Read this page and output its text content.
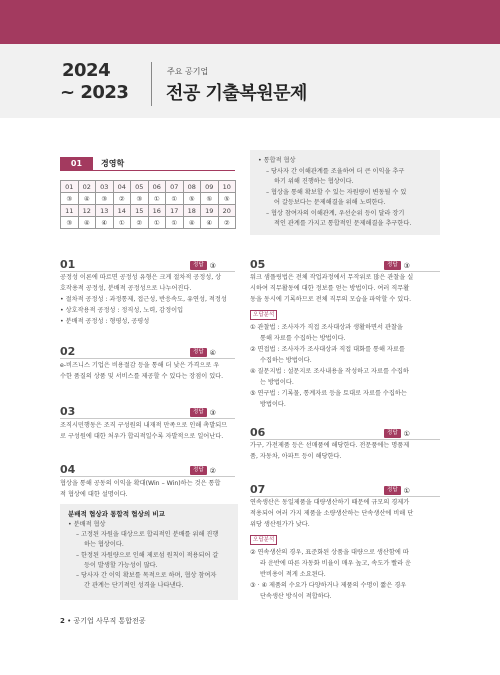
2024
~ 2023
주요 공기업
전공 기출복원문제
01	경영학
01	02	03	04	05	06	07	08	09	10
③	④	③	②	③	①	①	⑤	⑤	⑤
11	12	13	14	15	16	17	18	19	20
③	④	④	①	②	①	①	④	④	②
01	정답 ③

공정성 이론에 따르면 공정성 유형은 크게 절차적 공정성, 상

호작용적 공정성, 분배적 공정성으로 나누어진다.

• 절차적 공정성 : 과정통제, 접근성, 반응속도, 유연성, 적정성

• 상호작용적 공정성 : 정직성, 노력, 감정이입

• 분배적 공정성 : 형평성, 공평성

02	정답 ④

e-비즈니스 기업은 비용절감 등을 통해 더 낮은 가격으로 우

수한 품질의 상품 및 서비스를 제공할 수 있다는 장점이 있다.

03	정답 ③

조직시민행동은 조직 구성원의 내재적 만족으로 인해 촉발되므

로 구성원에 대한 처우가 합리적일수록 자발적으로 일어난다.

04	정답 ②

협상을 통해 공동의 이익을 확대(Win – Win)하는 것은 통합

적 협상에 대한 설명이다.

분배적 협상과 통합적 협상의 비교

• 분배적 협상

– 고정된 자원을 대상으로 합리적인 분배를 위해 진행

하는 협상이다.

– 한정된 자원량으로 인해 제로섬 원칙이 적용되어 갈

등이 발생할 가능성이 많다.

– 당사자 간 이익 확보를 목적으로 하며, 협상 참여자

간 관계는 단기적인 성격을 나타낸다.

• 통합적 협상

– 당사자 간 이해관계를 조율하여 더 큰 이익을 추구

하기 위해 진행하는 협상이다.

– 협상을 통해 확보할 수 있는 자원량이 변동될 수 있

어 갈등보다는 문제해결을 위해 노력한다.

– 협상 참여자의 이해관계, 우선순위 등이 달라 장기

적인 관계를 가지고 통합적인 문제해결을 추구한다.

05	정답 ③

워크 샘플링법은 전체 작업과정에서 무작위로 많은 관찰을 실

시하여 직무활동에 대한 정보를 얻는 방법이다. 여러 직무활

동을 동시에 기록하므로 전체 직무의 모습을 파악할 수 있다.

오답분석

① 관찰법 : 조사자가 직접 조사대상과 생활하면서 관찰을

통해 자료를 수집하는 방법이다.

② 면접법 : 조사자가 조사대상과 직접 대화를 통해 자료를

수집하는 방법이다.

④ 질문지법 : 설문지로 조사내용을 작성하고 자료를 수집하

는 방법이다.

⑤ 연구법 : 기록물, 통계자료 등을 토대로 자료를 수집하는

방법이다.

06	정답 ①

가구, 가전제품 등은 선매품에 해당한다. 전문품에는 명품제

품, 자동차, 아파트 등이 해당한다.

07	정답 ①

연속생산은 동일제품을 대량생산하기 때문에 규모의 경제가

적용되어 여러 가지 제품을 소량생산하는 단속생산에 비해 단

위당 생산원가가 낮다.

오답분석

② 연속생산의 경우, 표준화된 상품을 대량으로 생산함에 따

라 운반에 따른 자동화 비율이 매우 높고, 속도가 빨라 운

반비용이 적게 소요된다.

③ · ④ 제품의 수요가 다양하거나 제품의 수명이 짧은 경우

단속생산 방식이 적합하다.

2 • 공기업 사무직 통합전공
